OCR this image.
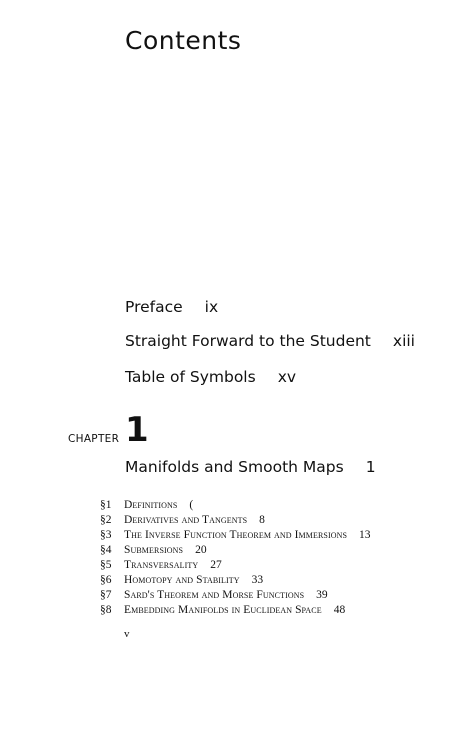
Contents
Preface ix
Straight Forward to the Student xiii
Table of Symbols xv
CHAPTER 1
Manifolds and Smooth Maps 1
§1 Definitions (
§2 Derivatives and Tangents 8
§3 The Inverse Function Theorem and Immersions 13
§4 Submersions 20
§5 Transversality 27
§6 Homotopy and Stability 33
§7 Sard's Theorem and Morse Functions 39
§8 Embedding Manifolds in Euclidean Space 48
v
